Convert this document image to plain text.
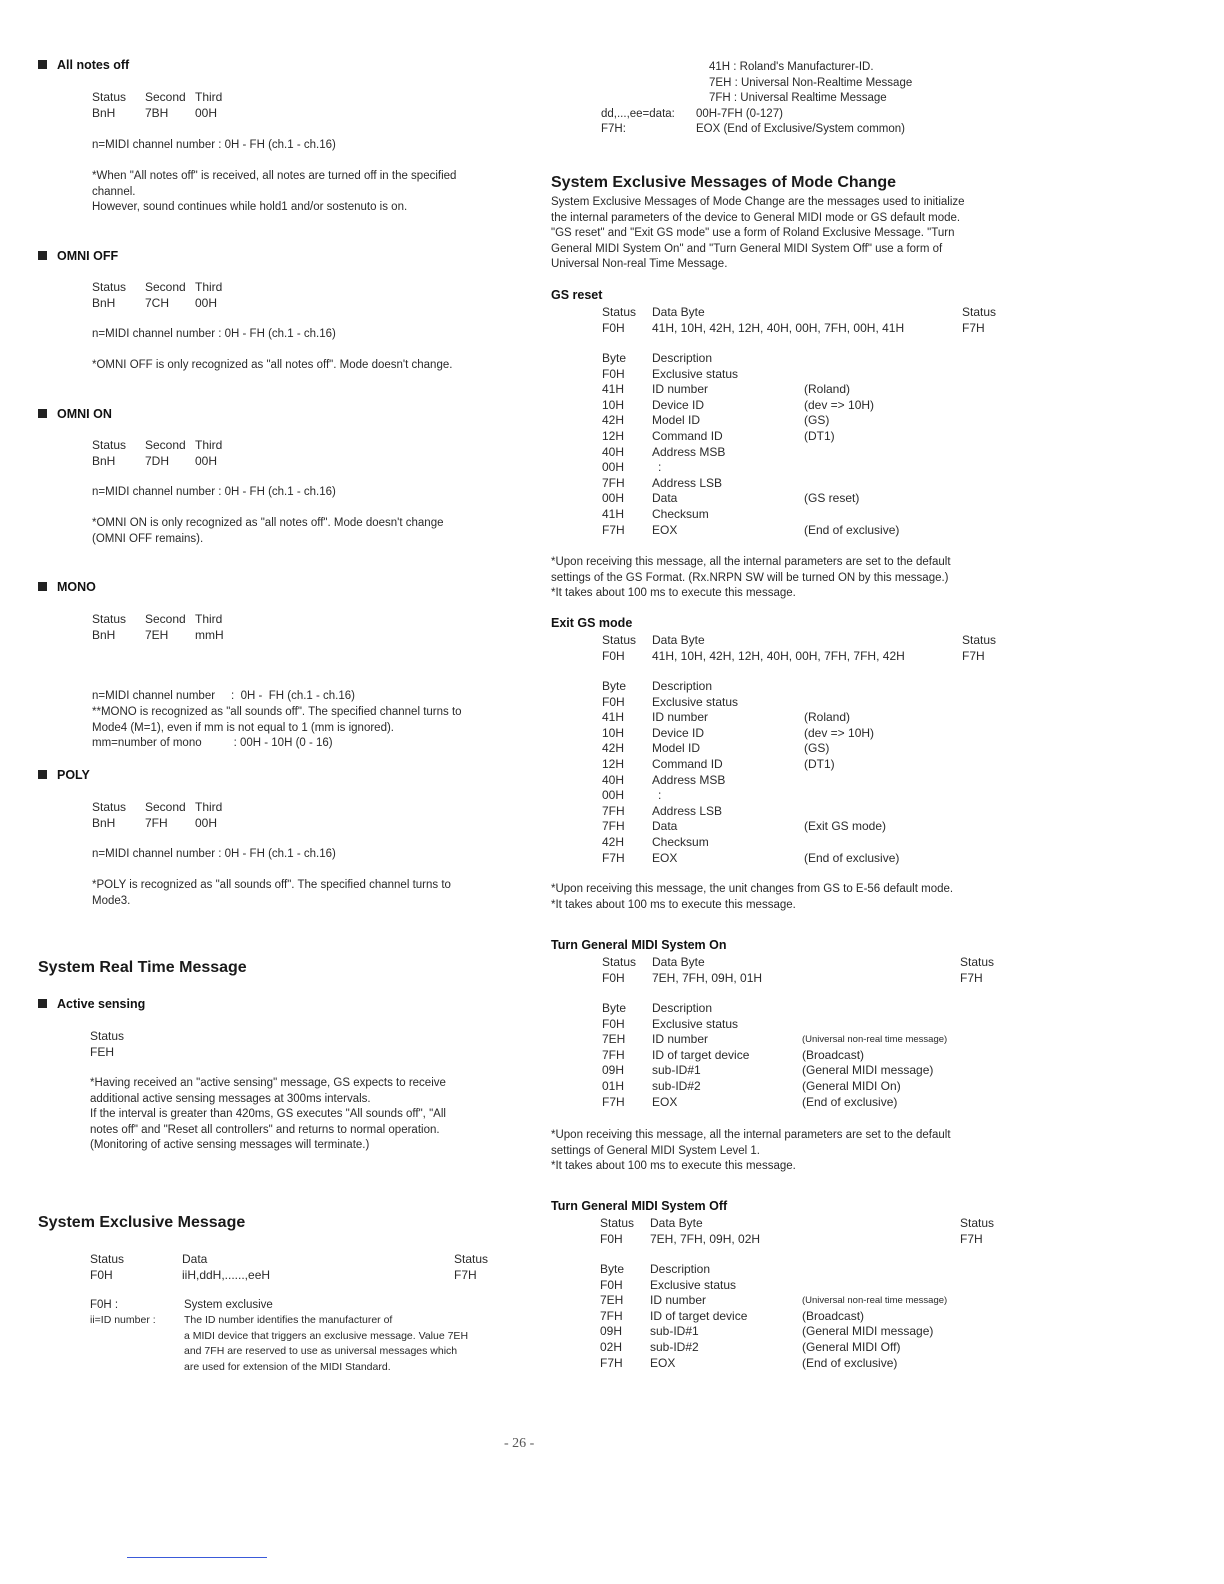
All notes off
Status Second Third
BnH 7BH 00H
n=MIDI channel number : 0H - FH (ch.1 - ch.16)
*When "All notes off" is received, all notes are turned off in the specified
channel.
However, sound continues while hold1 and/or sostenuto is on.
OMNI OFF
Status Second Third
BnH 7CH 00H
n=MIDI channel number : 0H - FH (ch.1 - ch.16)
*OMNI OFF is only recognized as "all notes off". Mode doesn't change.
OMNI ON
Status Second Third
BnH 7DH 00H
n=MIDI channel number : 0H - FH (ch.1 - ch.16)
*OMNI ON is only recognized as "all notes off". Mode doesn't change
(OMNI OFF remains).
MONO
Status Second Third
BnH 7EH mmH

n=MIDI channel number     :  0H -  FH (ch.1 - ch.16)

mm=number of mono          : 00H - 10H (0 - 16)

**MONO is recognized as "all sounds off". The specified channel turns to
Mode4 (M=1), even if mm is not equal to 1 (mm is ignored).
POLY
Status Second Third
BnH 7FH 00H
n=MIDI channel number : 0H - FH (ch.1 - ch.16)
*POLY is recognized as "all sounds off". The specified channel turns to
Mode3.
System Real Time Message
Active sensing
Status
FEH
*Having received an "active sensing" message, GS expects to receive
additional active sensing messages at 300ms intervals.
If the interval is greater than 420ms, GS executes "All sounds off", "All
notes off" and "Reset all controllers" and returns to normal operation.
(Monitoring of active sensing messages will terminate.)
System Exclusive Message
Status	Data	Status
F0H	iiH,ddH,......,eeH	F7H
F0H :	System exclusive
ii=ID number :	The ID number identifies the manufacturer of
a MIDI device that triggers an exclusive message. Value 7EH
and 7FH are reserved to use as universal messages which
are used for extension of the MIDI Standard.
41H : Roland's Manufacturer-ID.
7EH : Universal Non-Realtime Message
7FH : Universal Realtime Message
dd,...,ee=data: 00H-7FH (0-127)
F7H:	EOX (End of Exclusive/System common)
System Exclusive Messages of Mode Change
System Exclusive Messages of Mode Change are the messages used to initialize
the internal parameters of the device to General MIDI mode or GS default mode.
"GS reset" and "Exit GS mode" use a form of Roland Exclusive Message. "Turn
General MIDI System On" and "Turn General MIDI System Off" use a form of
Universal Non-real Time Message.
GS reset
Status Data Byte	Status
F0H 41H, 10H, 42H, 12H, 40H, 00H, 7FH, 00H, 41H	F7H
Byte Description
F0H Exclusive status
41H ID number	(Roland)
10H Device ID	(dev => 10H)
42H Model ID	(GS)
12H Command ID	(DT1)
40H Address MSB
00H	:
7FH Address LSB
00H Data	(GS reset)
41H Checksum
F7H EOX	(End of exclusive)
*Upon receiving this message, all the internal parameters are set to the default
settings of the GS Format. (Rx.NRPN SW will be turned ON by this message.)
*It takes about 100 ms to execute this message.
Exit GS mode
Status Data Byte	Status
F0H 41H, 10H, 42H, 12H, 40H, 00H, 7FH, 7FH, 42H	F7H
Byte Description
F0H Exclusive status
41H ID number	(Roland)
10H Device ID	(dev => 10H)
42H Model ID	(GS)
12H Command ID	(DT1)
40H Address MSB
00H	:
7FH Address LSB
7FH Data	(Exit GS mode)
42H Checksum
F7H EOX	(End of exclusive)
*Upon receiving this message, the unit changes from GS to E-56 default mode.
*It takes about 100 ms to execute this message.
Turn General MIDI System On
Status Data Byte	Status
F0H 7EH, 7FH, 09H, 01H	F7H
Byte Description
F0H Exclusive status
7EH ID number	(Universal non-real time message)
7FH ID of target device	(Broadcast)
09H sub-ID#1	(General MIDI message)
01H sub-ID#2	(General MIDI On)
F7H EOX	(End of exclusive)
*Upon receiving this message, all the internal parameters are set to the default
settings of General MIDI System Level 1.
*It takes about 100 ms to execute this message.
Turn General MIDI System Off
Status Data Byte	Status
F0H 7EH, 7FH, 09H, 02H	F7H
Byte Description
F0H Exclusive status
7EH ID number	(Universal non-real time message)
7FH ID of target device	(Broadcast)
09H sub-ID#1	(General MIDI message)
02H sub-ID#2	(General MIDI Off)
F7H EOX	(End of exclusive)
- 26 -
